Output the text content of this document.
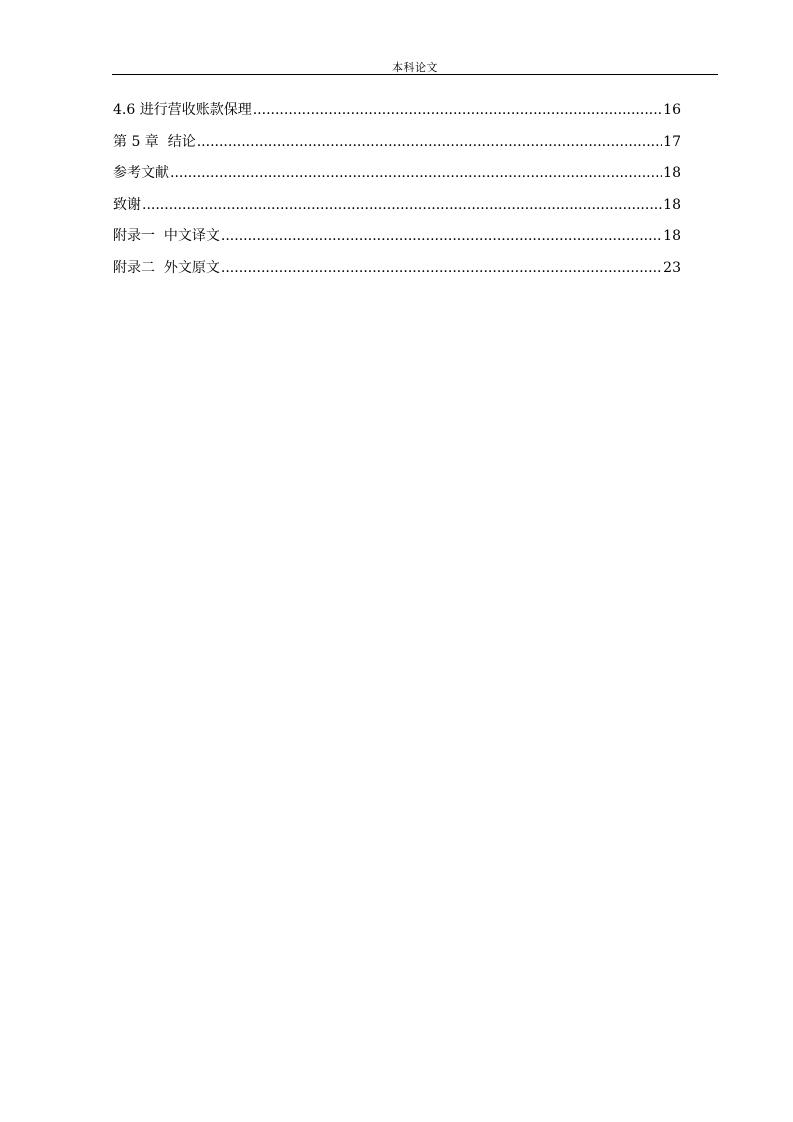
本科论文
4.6 进行营收账款保理 .....	16
第 5 章  结论 .....	17
参考文献 .....	18
致谢 .....	18
附录一  中文译文 .....	18
附录二  外文原文 .....	23
